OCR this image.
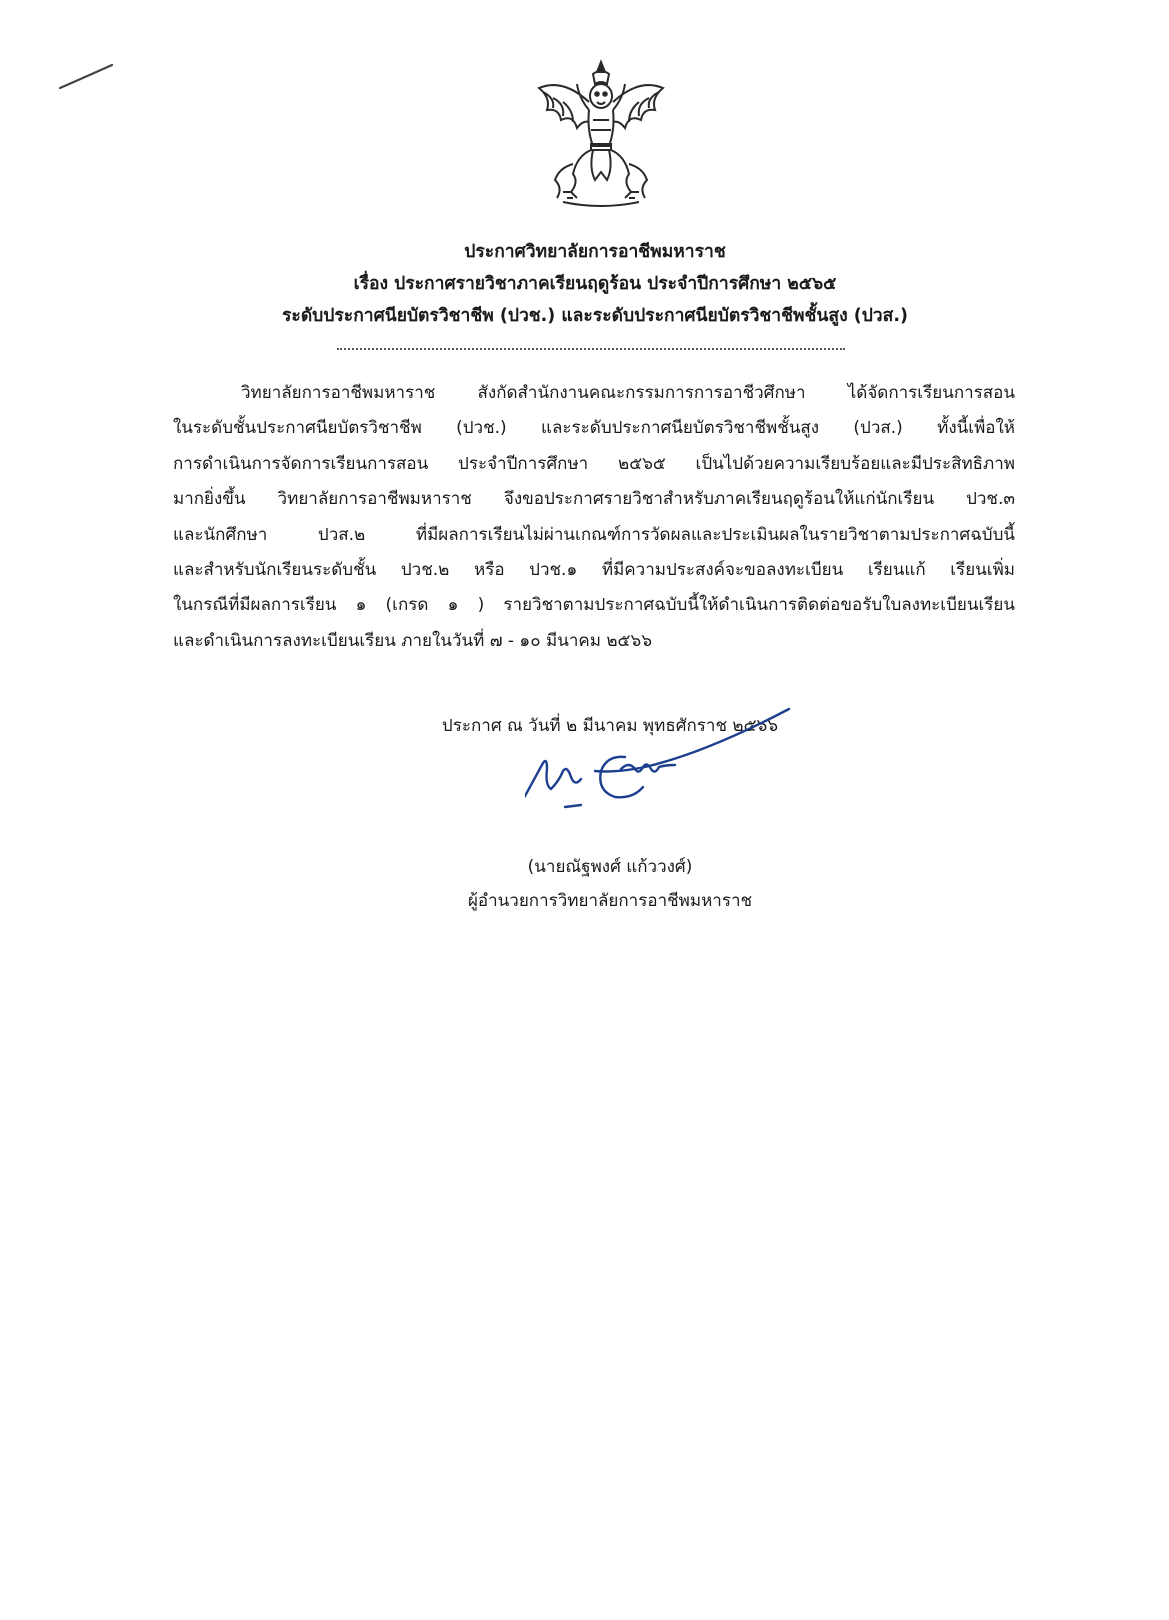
ประกาศวิทยาลัยการอาชีพมหาราช
เรื่อง ประกาศรายวิชาภาคเรียนฤดูร้อน ประจำปีการศึกษา ๒๕๖๕
ระดับประกาศนียบัตรวิชาชีพ (ปวช.) และระดับประกาศนียบัตรวิชาชีพชั้นสูง (ปวส.)
วิทยาลัยการอาชีพมหาราช สังกัดสำนักงานคณะกรรมการการอาชีวศึกษา ได้จัดการเรียนการสอน
ในระดับชั้นประกาศนียบัตรวิชาชีพ (ปวช.) และระดับประกาศนียบัตรวิชาชีพชั้นสูง (ปวส.) ทั้งนี้เพื่อให้
การดำเนินการจัดการเรียนการสอน ประจำปีการศึกษา ๒๕๖๕ เป็นไปด้วยความเรียบร้อยและมีประสิทธิภาพ
มากยิ่งขึ้น วิทยาลัยการอาชีพมหาราช จึงขอประกาศรายวิชาสำหรับภาคเรียนฤดูร้อนให้แก่นักเรียน ปวช.๓
และนักศึกษา ปวส.๒ ที่มีผลการเรียนไม่ผ่านเกณฑ์การวัดผลและประเมินผลในรายวิชาตามประกาศฉบับนี้
และสำหรับนักเรียนระดับชั้น ปวช.๒ หรือ ปวช.๑ ที่มีความประสงค์จะขอลงทะเบียน เรียนแก้ เรียนเพิ่ม
ในกรณีที่มีผลการเรียน ๑ (เกรด ๑ ) รายวิชาตามประกาศฉบับนี้ให้ดำเนินการติดต่อขอรับใบลงทะเบียนเรียน
และดำเนินการลงทะเบียนเรียน ภายในวันที่ ๗ - ๑๐ มีนาคม ๒๕๖๖
ประกาศ ณ วันที่ ๒ มีนาคม พุทธศักราช ๒๕๖๖
(นายณัฐพงศ์ แก้ววงศ์)
ผู้อำนวยการวิทยาลัยการอาชีพมหาราช
